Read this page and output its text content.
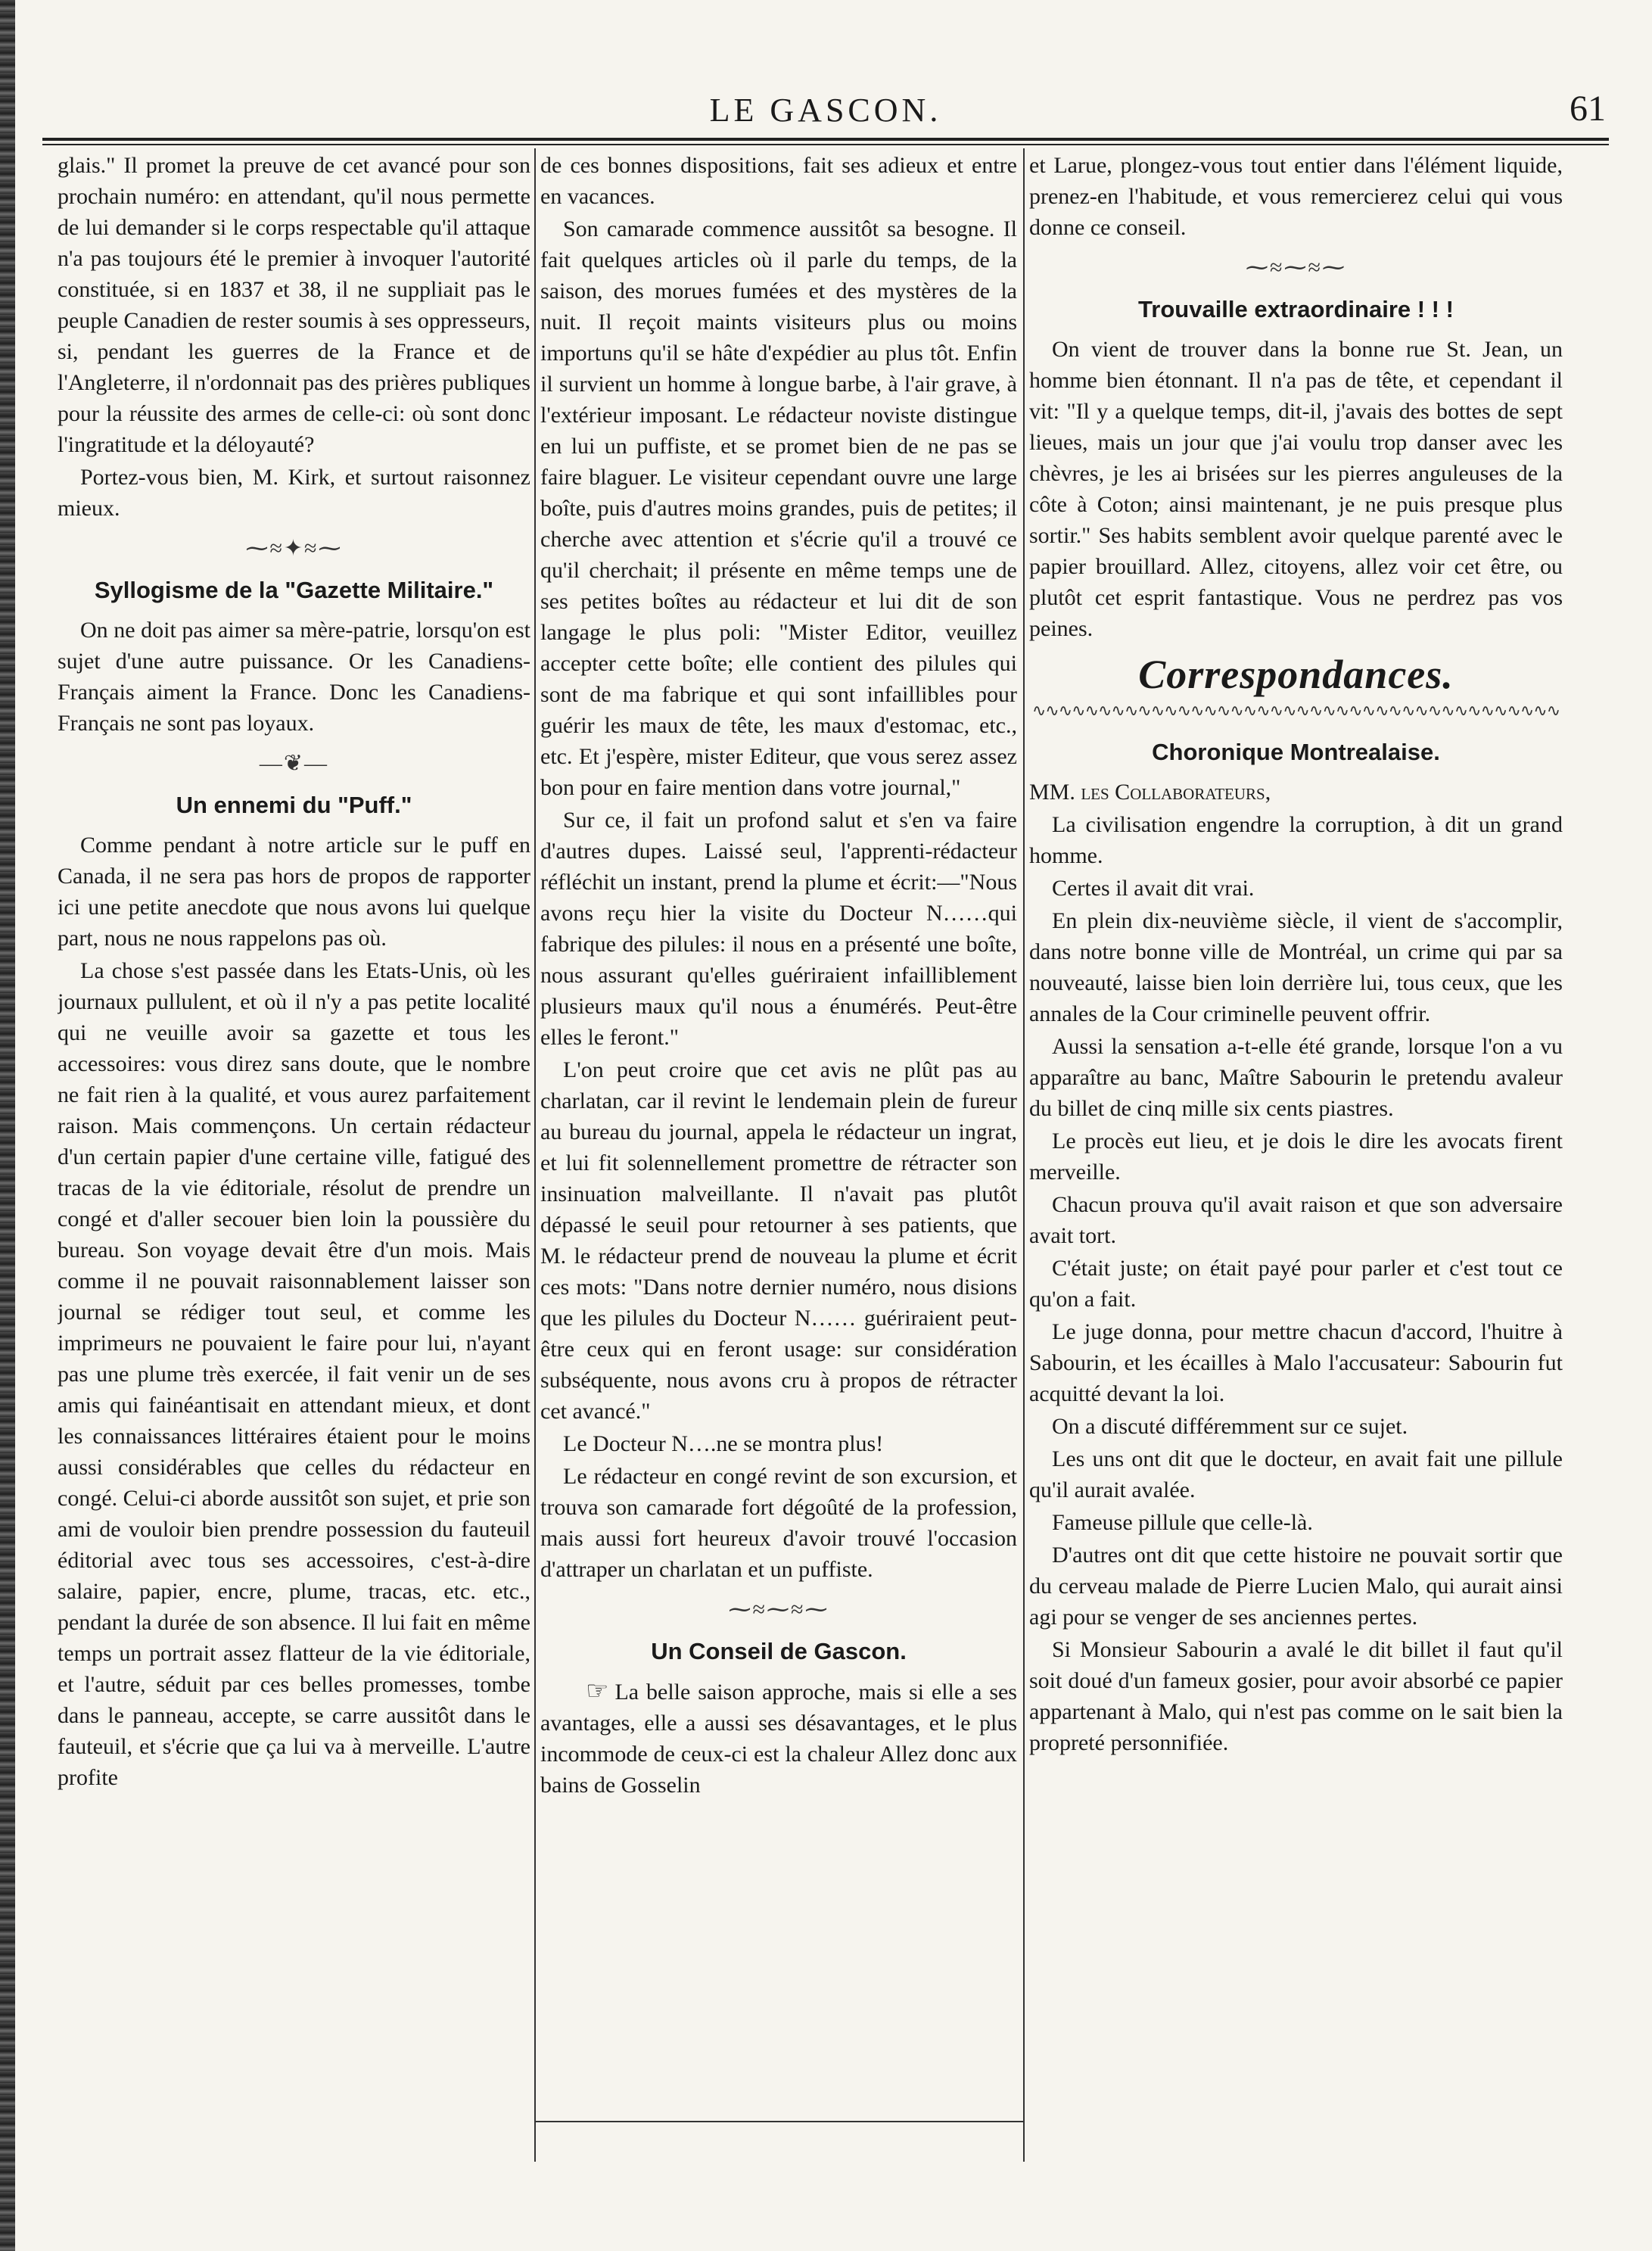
LE GASCON.	61

glais." Il promet la preuve de cet avancé pour son prochain numéro: en attendant, qu'il nous permette de lui demander si le corps respectable qu'il attaque n'a pas toujours été le premier à invoquer l'autorité constituée, si en 1837 et 38, il ne suppliait pas le peuple Canadien de rester soumis à ses oppresseurs, si, pendant les guerres de la France et de l'Angleterre, il n'ordonnait pas des prières publiques pour la réussite des armes de celle-ci: où sont donc l'ingratitude et la déloyauté?

Portez-vous bien, M. Kirk, et surtout raisonnez mieux.

⁓≈✦≈⁓
Syllogisme de la "Gazette Militaire."

On ne doit pas aimer sa mère-patrie, lorsqu'on est sujet d'une autre puissance. Or les Canadiens-Français aiment la France. Donc les Canadiens-Français ne sont pas loyaux.

—❦—
Un ennemi du "Puff."

Comme pendant à notre article sur le puff en Canada, il ne sera pas hors de propos de rapporter ici une petite anecdote que nous avons lui quelque part, nous ne nous rappelons pas où.

La chose s'est passée dans les Etats-Unis, où les journaux pullulent, et où il n'y a pas petite localité qui ne veuille avoir sa gazette et tous les accessoires: vous direz sans doute, que le nombre ne fait rien à la qualité, et vous aurez parfaitement raison. Mais commençons. Un certain rédacteur d'un certain papier d'une certaine ville, fatigué des tracas de la vie éditoriale, résolut de prendre un congé et d'aller secouer bien loin la poussière du bureau. Son voyage devait être d'un mois. Mais comme il ne pouvait raisonnablement laisser son journal se rédiger tout seul, et comme les imprimeurs ne pouvaient le faire pour lui, n'ayant pas une plume très exercée, il fait venir un de ses amis qui fainéantisait en attendant mieux, et dont les connaissances littéraires étaient pour le moins aussi considérables que celles du rédacteur en congé. Celui-ci aborde aussitôt son sujet, et prie son ami de vouloir bien prendre possession du fauteuil éditorial avec tous ses accessoires, c'est-à-dire salaire, papier, encre, plume, tracas, etc. etc., pendant la durée de son absence. Il lui fait en même temps un portrait assez flatteur de la vie éditoriale, et l'autre, séduit par ces belles promesses, tombe dans le panneau, accepte, se carre aussitôt dans le fauteuil, et s'écrie que ça lui va à merveille. L'autre profite

de ces bonnes dispositions, fait ses adieux et entre en vacances.

Son camarade commence aussitôt sa besogne. Il fait quelques articles où il parle du temps, de la saison, des morues fumées et des mystères de la nuit. Il reçoit maints visiteurs plus ou moins importuns qu'il se hâte d'expédier au plus tôt. Enfin il survient un homme à longue barbe, à l'air grave, à l'extérieur imposant. Le rédacteur noviste distingue en lui un puffiste, et se promet bien de ne pas se faire blaguer. Le visiteur cependant ouvre une large boîte, puis d'autres moins grandes, puis de petites; il cherche avec attention et s'écrie qu'il a trouvé ce qu'il cherchait; il présente en même temps une de ses petites boîtes au rédacteur et lui dit de son langage le plus poli: "Mister Editor, veuillez accepter cette boîte; elle contient des pilules qui sont de ma fabrique et qui sont infaillibles pour guérir les maux de tête, les maux d'estomac, etc., etc. Et j'espère, mister Editeur, que vous serez assez bon pour en faire mention dans votre journal,"

Sur ce, il fait un profond salut et s'en va faire d'autres dupes. Laissé seul, l'apprenti-rédacteur réfléchit un instant, prend la plume et écrit:—"Nous avons reçu hier la visite du Docteur N……qui fabrique des pilules: il nous en a présenté une boîte, nous assurant qu'elles guériraient infailliblement plusieurs maux qu'il nous a énumérés. Peut-être elles le feront."

L'on peut croire que cet avis ne plût pas au charlatan, car il revint le lendemain plein de fureur au bureau du journal, appela le rédacteur un ingrat, et lui fit solennellement promettre de rétracter son insinuation malveillante. Il n'avait pas plutôt dépassé le seuil pour retourner à ses patients, que M. le rédacteur prend de nouveau la plume et écrit ces mots: "Dans notre dernier numéro, nous disions que les pilules du Docteur N…… guériraient peut-être ceux qui en feront usage: sur considération subséquente, nous avons cru à propos de rétracter cet avancé."

Le Docteur N….ne se montra plus!

Le rédacteur en congé revint de son excursion, et trouva son camarade fort dégoûté de la profession, mais aussi fort heureux d'avoir trouvé l'occasion d'attraper un charlatan et un puffiste.

⁓≈⁓≈⁓
Un Conseil de Gascon.

☞ La belle saison approche, mais si elle a ses avantages, elle a aussi ses désavantages, et le plus incommode de ceux-ci est la chaleur Allez donc aux bains de Gosselin

et Larue, plongez-vous tout entier dans l'élément liquide, prenez-en l'habitude, et vous remercierez celui qui vous donne ce conseil.

⁓≈⁓≈⁓
Trouvaille extraordinaire ! ! !

On vient de trouver dans la bonne rue St. Jean, un homme bien étonnant. Il n'a pas de tête, et cependant il vit: "Il y a quelque temps, dit-il, j'avais des bottes de sept lieues, mais un jour que j'ai voulu trop danser avec les chèvres, je les ai brisées sur les pierres anguleuses de la côte à Coton; ainsi maintenant, je ne puis presque plus sortir." Ses habits semblent avoir quelque parenté avec le papier brouillard. Allez, citoyens, allez voir cet être, ou plutôt cet esprit fantastique. Vous ne perdrez pas vos peines.

Correspondances.
∿∿∿∿∿∿∿∿∿∿∿∿∿∿∿∿∿∿∿∿∿∿∿∿∿∿∿∿∿∿∿∿∿∿∿∿∿∿∿∿
Choronique Montrealaise.

MM. les Collaborateurs,

La civilisation engendre la corruption, à dit un grand homme.

Certes il avait dit vrai.

En plein dix-neuvième siècle, il vient de s'accomplir, dans notre bonne ville de Montréal, un crime qui par sa nouveauté, laisse bien loin derrière lui, tous ceux, que les annales de la Cour criminelle peuvent offrir.

Aussi la sensation a-t-elle été grande, lorsque l'on a vu apparaître au banc, Maître Sabourin le pretendu avaleur du billet de cinq mille six cents piastres.

Le procès eut lieu, et je dois le dire les avocats firent merveille.

Chacun prouva qu'il avait raison et que son adversaire avait tort.

C'était juste; on était payé pour parler et c'est tout ce qu'on a fait.

Le juge donna, pour mettre chacun d'accord, l'huitre à Sabourin, et les écailles à Malo l'accusateur: Sabourin fut acquitté devant la loi.

On a discuté différemment sur ce sujet.

Les uns ont dit que le docteur, en avait fait une pillule qu'il aurait avalée.

Fameuse pillule que celle-là.

D'autres ont dit que cette histoire ne pouvait sortir que du cerveau malade de Pierre Lucien Malo, qui aurait ainsi agi pour se venger de ses anciennes pertes.

Si Monsieur Sabourin a avalé le dit billet il faut qu'il soit doué d'un fameux gosier, pour avoir absorbé ce papier appartenant à Malo, qui n'est pas comme on le sait bien la propreté personnifiée.
